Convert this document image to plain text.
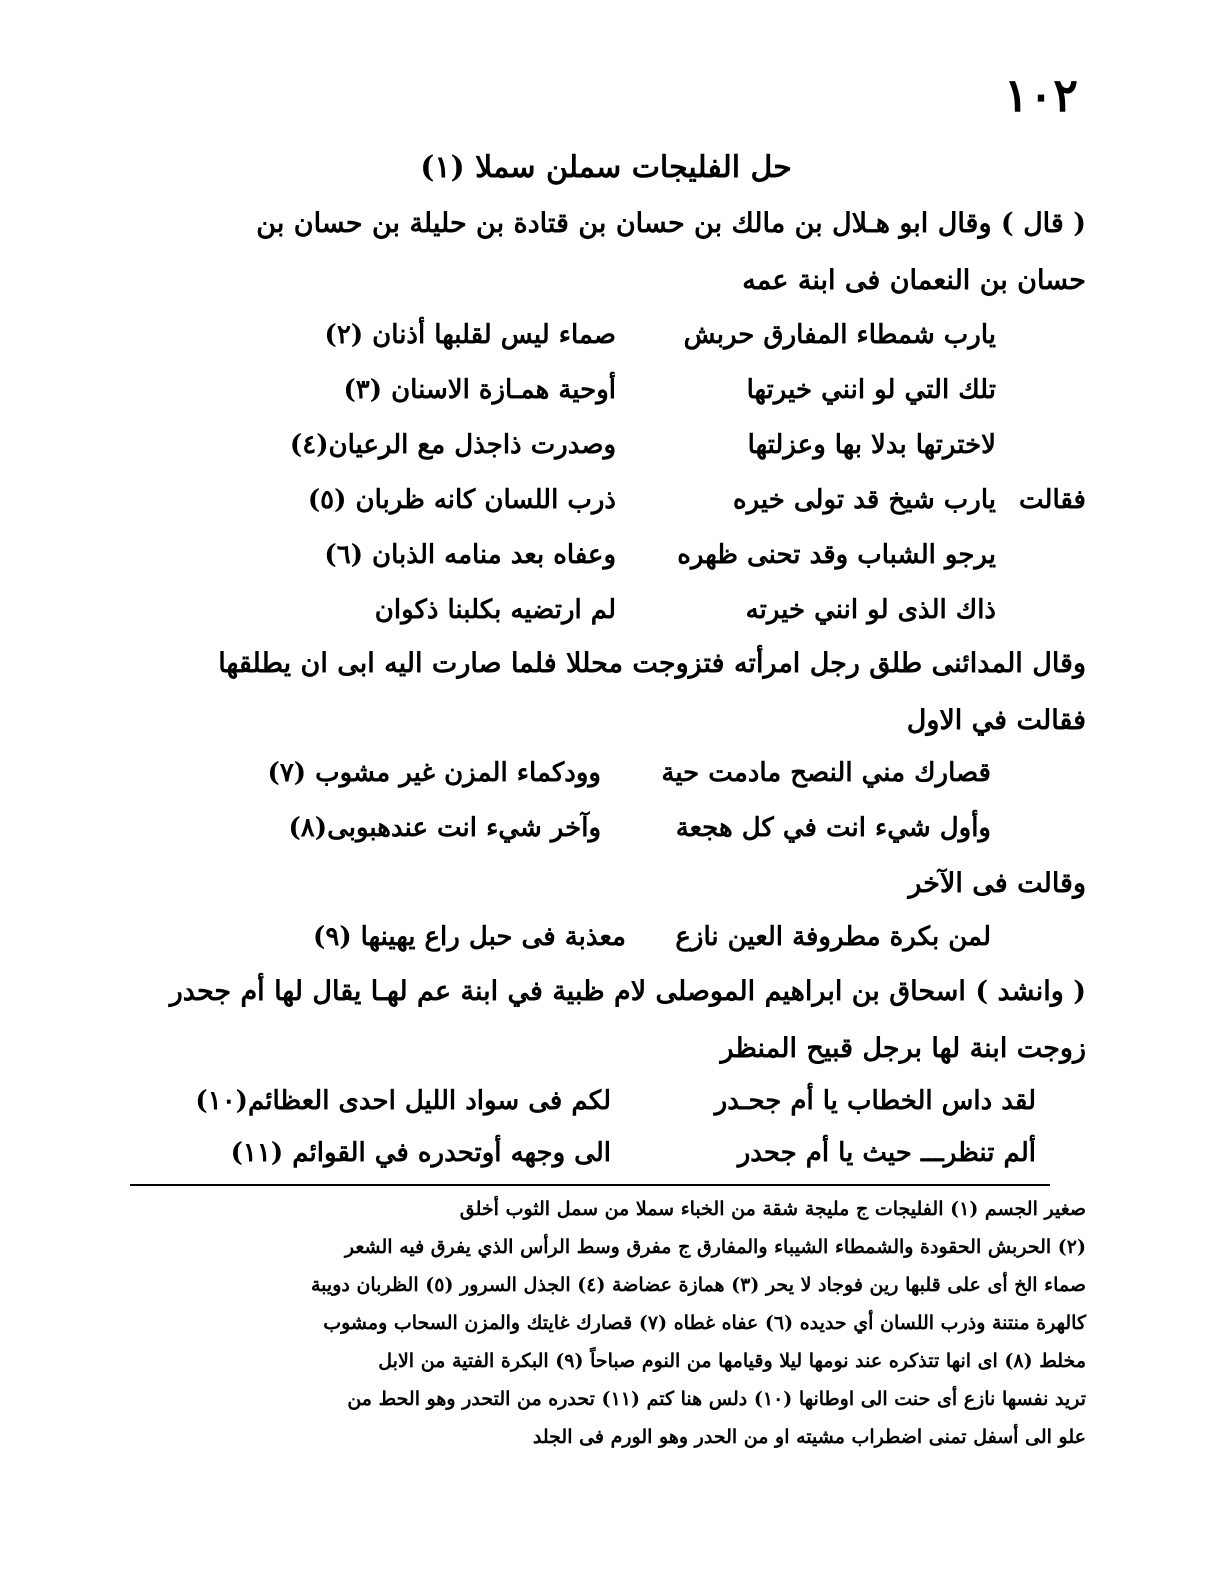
١٠٢
حل الفليجات سملن سملا (١)
( قال ) وقال ابو هـلال بن مالك بن حسان بن قتادة بن حليلة بن حسان بن
حسان بن النعمان فى ابنة عمه
يارب شمطاء المفارق حربش
صماء ليس لقلبها أذنان (٢)
تلك التي لو انني خيرتها
أوحية همـازة الاسنان (٣)
لاخترتها بدلا بها وعزلتها
وصدرت ذاجذل مع الرعيان(٤)
فقالت
يارب شيخ قد تولى خيره
ذرب اللسان كانه ظربان (٥)
يرجو الشباب وقد تحنى ظهره
وعفاه بعد منامه الذبان (٦)
ذاك الذى لو انني خيرته
لم ارتضيه بكلبنا ذكوان
وقال المدائنى طلق رجل امرأته فتزوجت محللا فلما صارت اليه ابى ان يطلقها
فقالت في الاول
قصارك مني النصح مادمت حية
وودكماء المزن غير مشوب (٧)
وأول شيء انت في كل هجعة
وآخر شيء انت عندهبوبى(٨)
وقالت فى الآخر
لمن بكرة مطروفة العين نازع
معذبة فى حبل راع يهينها (٩)
( وانشد ) اسحاق بن ابراهيم الموصلى لام ظبية في ابنة عم لهـا يقال لها أم جحدر
زوجت ابنة لها برجل قبيح المنظر
لقد داس الخطاب يا أم جحـدر
لكم فى سواد الليل احدى العظائم(١٠)
ألم تنظرـــ حيث يا أم جحدر
الى وجهه أوتحدره في القوائم (١١)
صغير الجسم (١) الفليجات ج مليجة شقة من الخباء سملا من سمل الثوب أخلق
(٢) الحربش الحقودة والشمطاء الشيباء والمفارق ج مفرق وسط الرأس الذي يفرق فيه الشعر
صماء الخ أى على قلبها رين فوجاد لا يحر (٣) همازة عضاضة (٤) الجذل السرور (٥) الظربان دويبة
كالهرة منتنة وذرب اللسان أي حديده (٦) عفاه غطاه (٧) قصارك غايتك والمزن السحاب ومشوب
مخلط (٨) اى انها تتذكره عند نومها ليلا وقيامها من النوم صباحاً (٩) البكرة الفتية من الابل
تريد نفسها نازع أى حنت الى اوطانها (١٠) دلس هنا كتم (١١) تحدره من التحدر وهو الحط من
علو الى أسفل تمنى اضطراب مشيته او من الحدر وهو الورم فى الجلد
